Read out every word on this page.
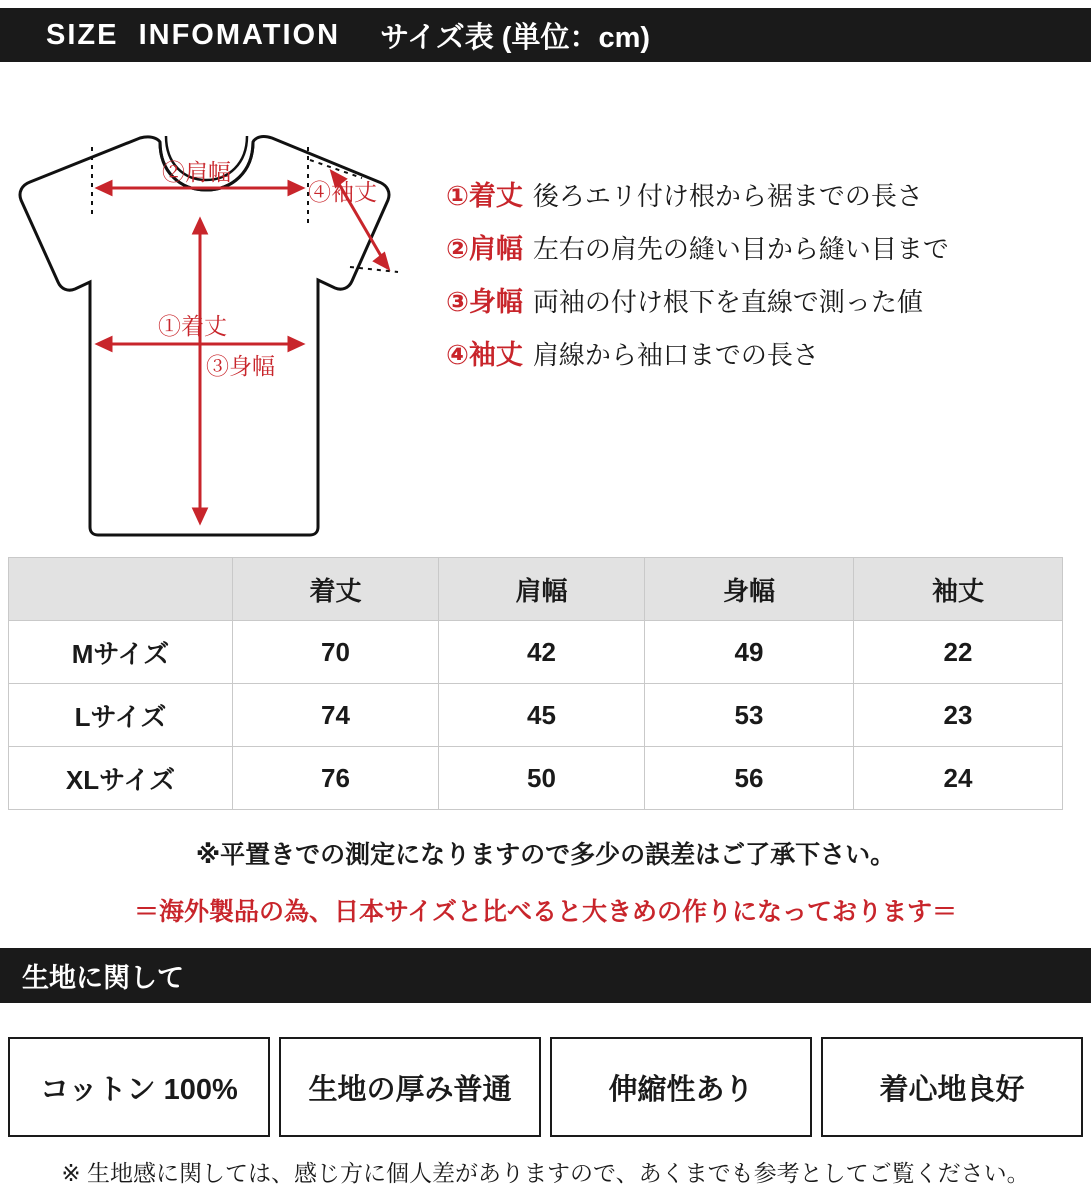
SIZE  INFOMATION サイズ表 (単位：cm)
②肩幅
①着丈
③身幅
④袖丈	①着丈 後ろエリ付け根から裾までの長さ
②肩幅 左右の肩先の縫い目から縫い目まで
③身幅 両袖の付け根下を直線で測った値
④袖丈 肩線から袖口までの長さ
	着丈	肩幅	身幅	袖丈
Mサイズ	70	42	49	22
Lサイズ	74	45	53	23
XLサイズ	76	50	56	24
※平置きでの測定になりますので多少の誤差はご了承下さい。
＝海外製品の為、日本サイズと比べると大きめの作りになっております＝
生地に関して
コットン 100%	生地の厚み普通	伸縮性あり	着心地良好
※ 生地感に関しては、感じ方に個人差がありますので、あくまでも参考としてご覧ください。
